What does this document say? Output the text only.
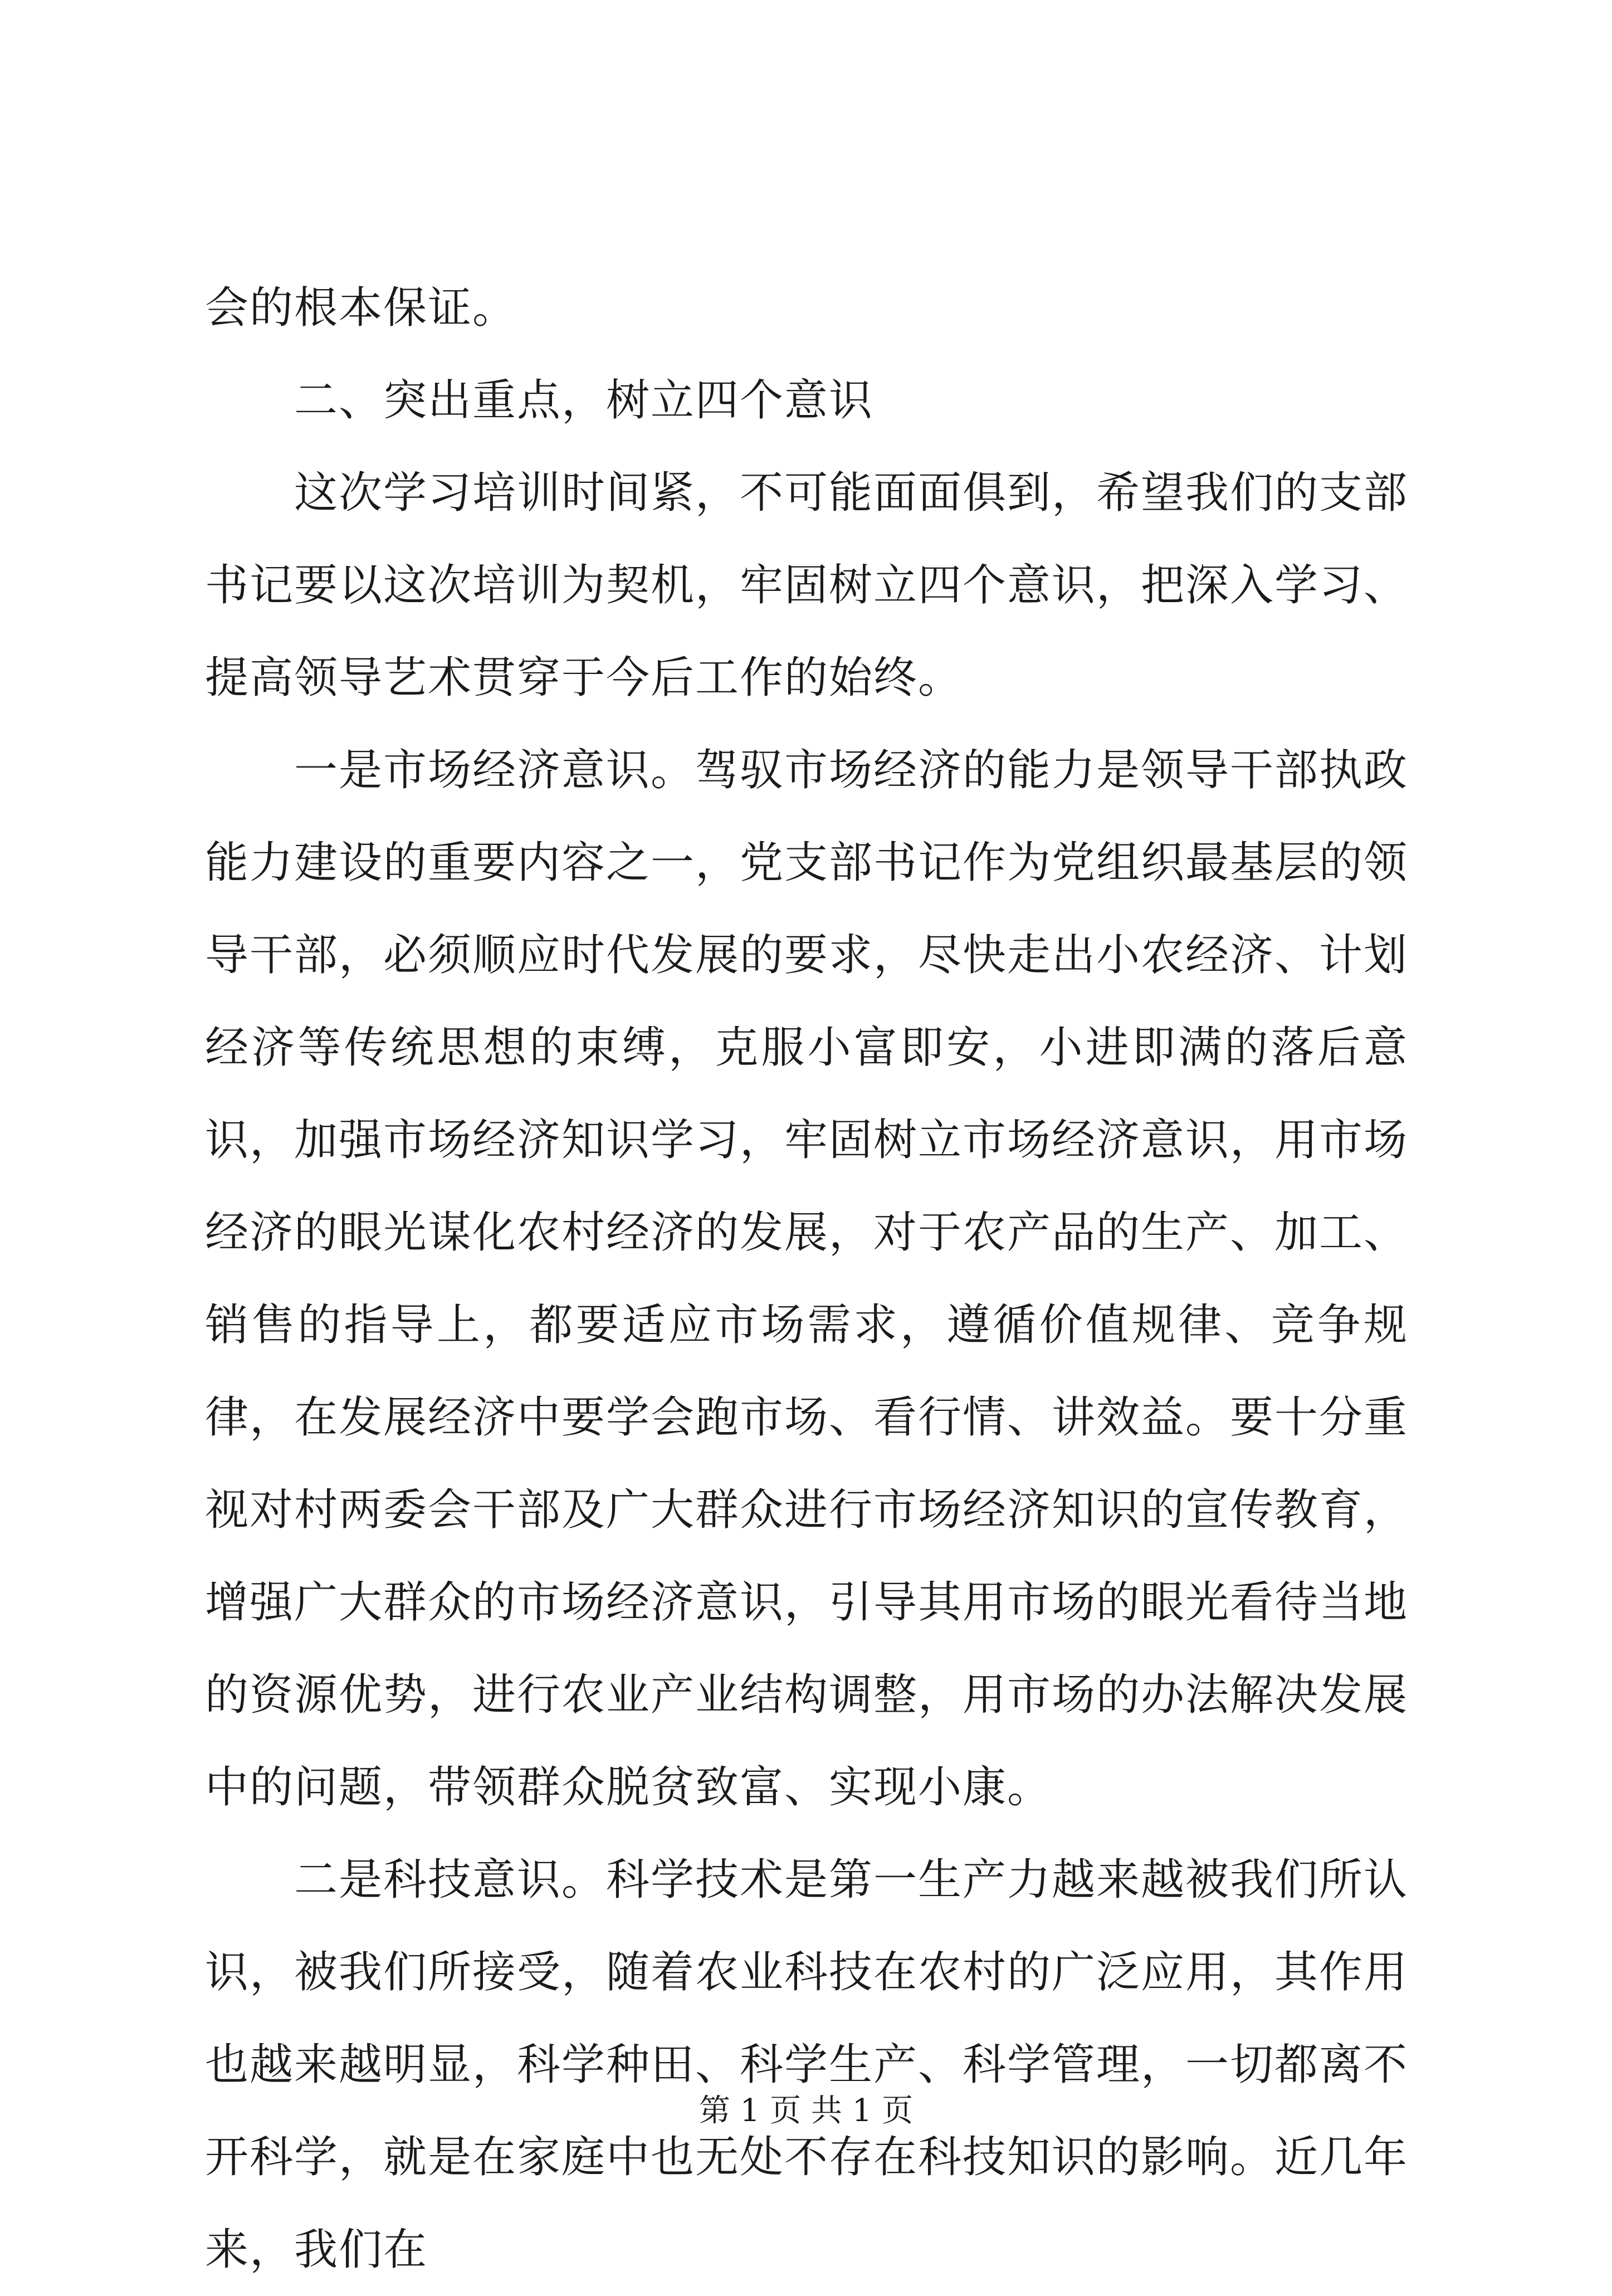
会的根本保证。

二、突出重点，树立四个意识

这次学习培训时间紧，不可能面面俱到，希望我们的支部书记要以这次培训为契机，牢固树立四个意识，把深入学习、提高领导艺术贯穿于今后工作的始终。

一是市场经济意识。驾驭市场经济的能力是领导干部执政能力建设的重要内容之一，党支部书记作为党组织最基层的领导干部，必须顺应时代发展的要求，尽快走出小农经济、计划经济等传统思想的束缚，克服小富即安，小进即满的落后意识，加强市场经济知识学习，牢固树立市场经济意识，用市场经济的眼光谋化农村经济的发展，对于农产品的生产、加工、销售的指导上，都要适应市场需求，遵循价值规律、竞争规律，在发展经济中要学会跑市场、看行情、讲效益。要十分重视对村两委会干部及广大群众进行市场经济知识的宣传教育，增强广大群众的市场经济意识，引导其用市场的眼光看待当地的资源优势，进行农业产业结构调整，用市场的办法解决发展中的问题，带领群众脱贫致富、实现小康。

二是科技意识。科学技术是第一生产力越来越被我们所认识，被我们所接受，随着农业科技在农村的广泛应用，其作用也越来越明显，科学种田、科学生产、科学管理，一切都离不开科学，就是在家庭中也无处不存在科技知识的影响。近几年来，我们在

第 1 页 共 1 页
